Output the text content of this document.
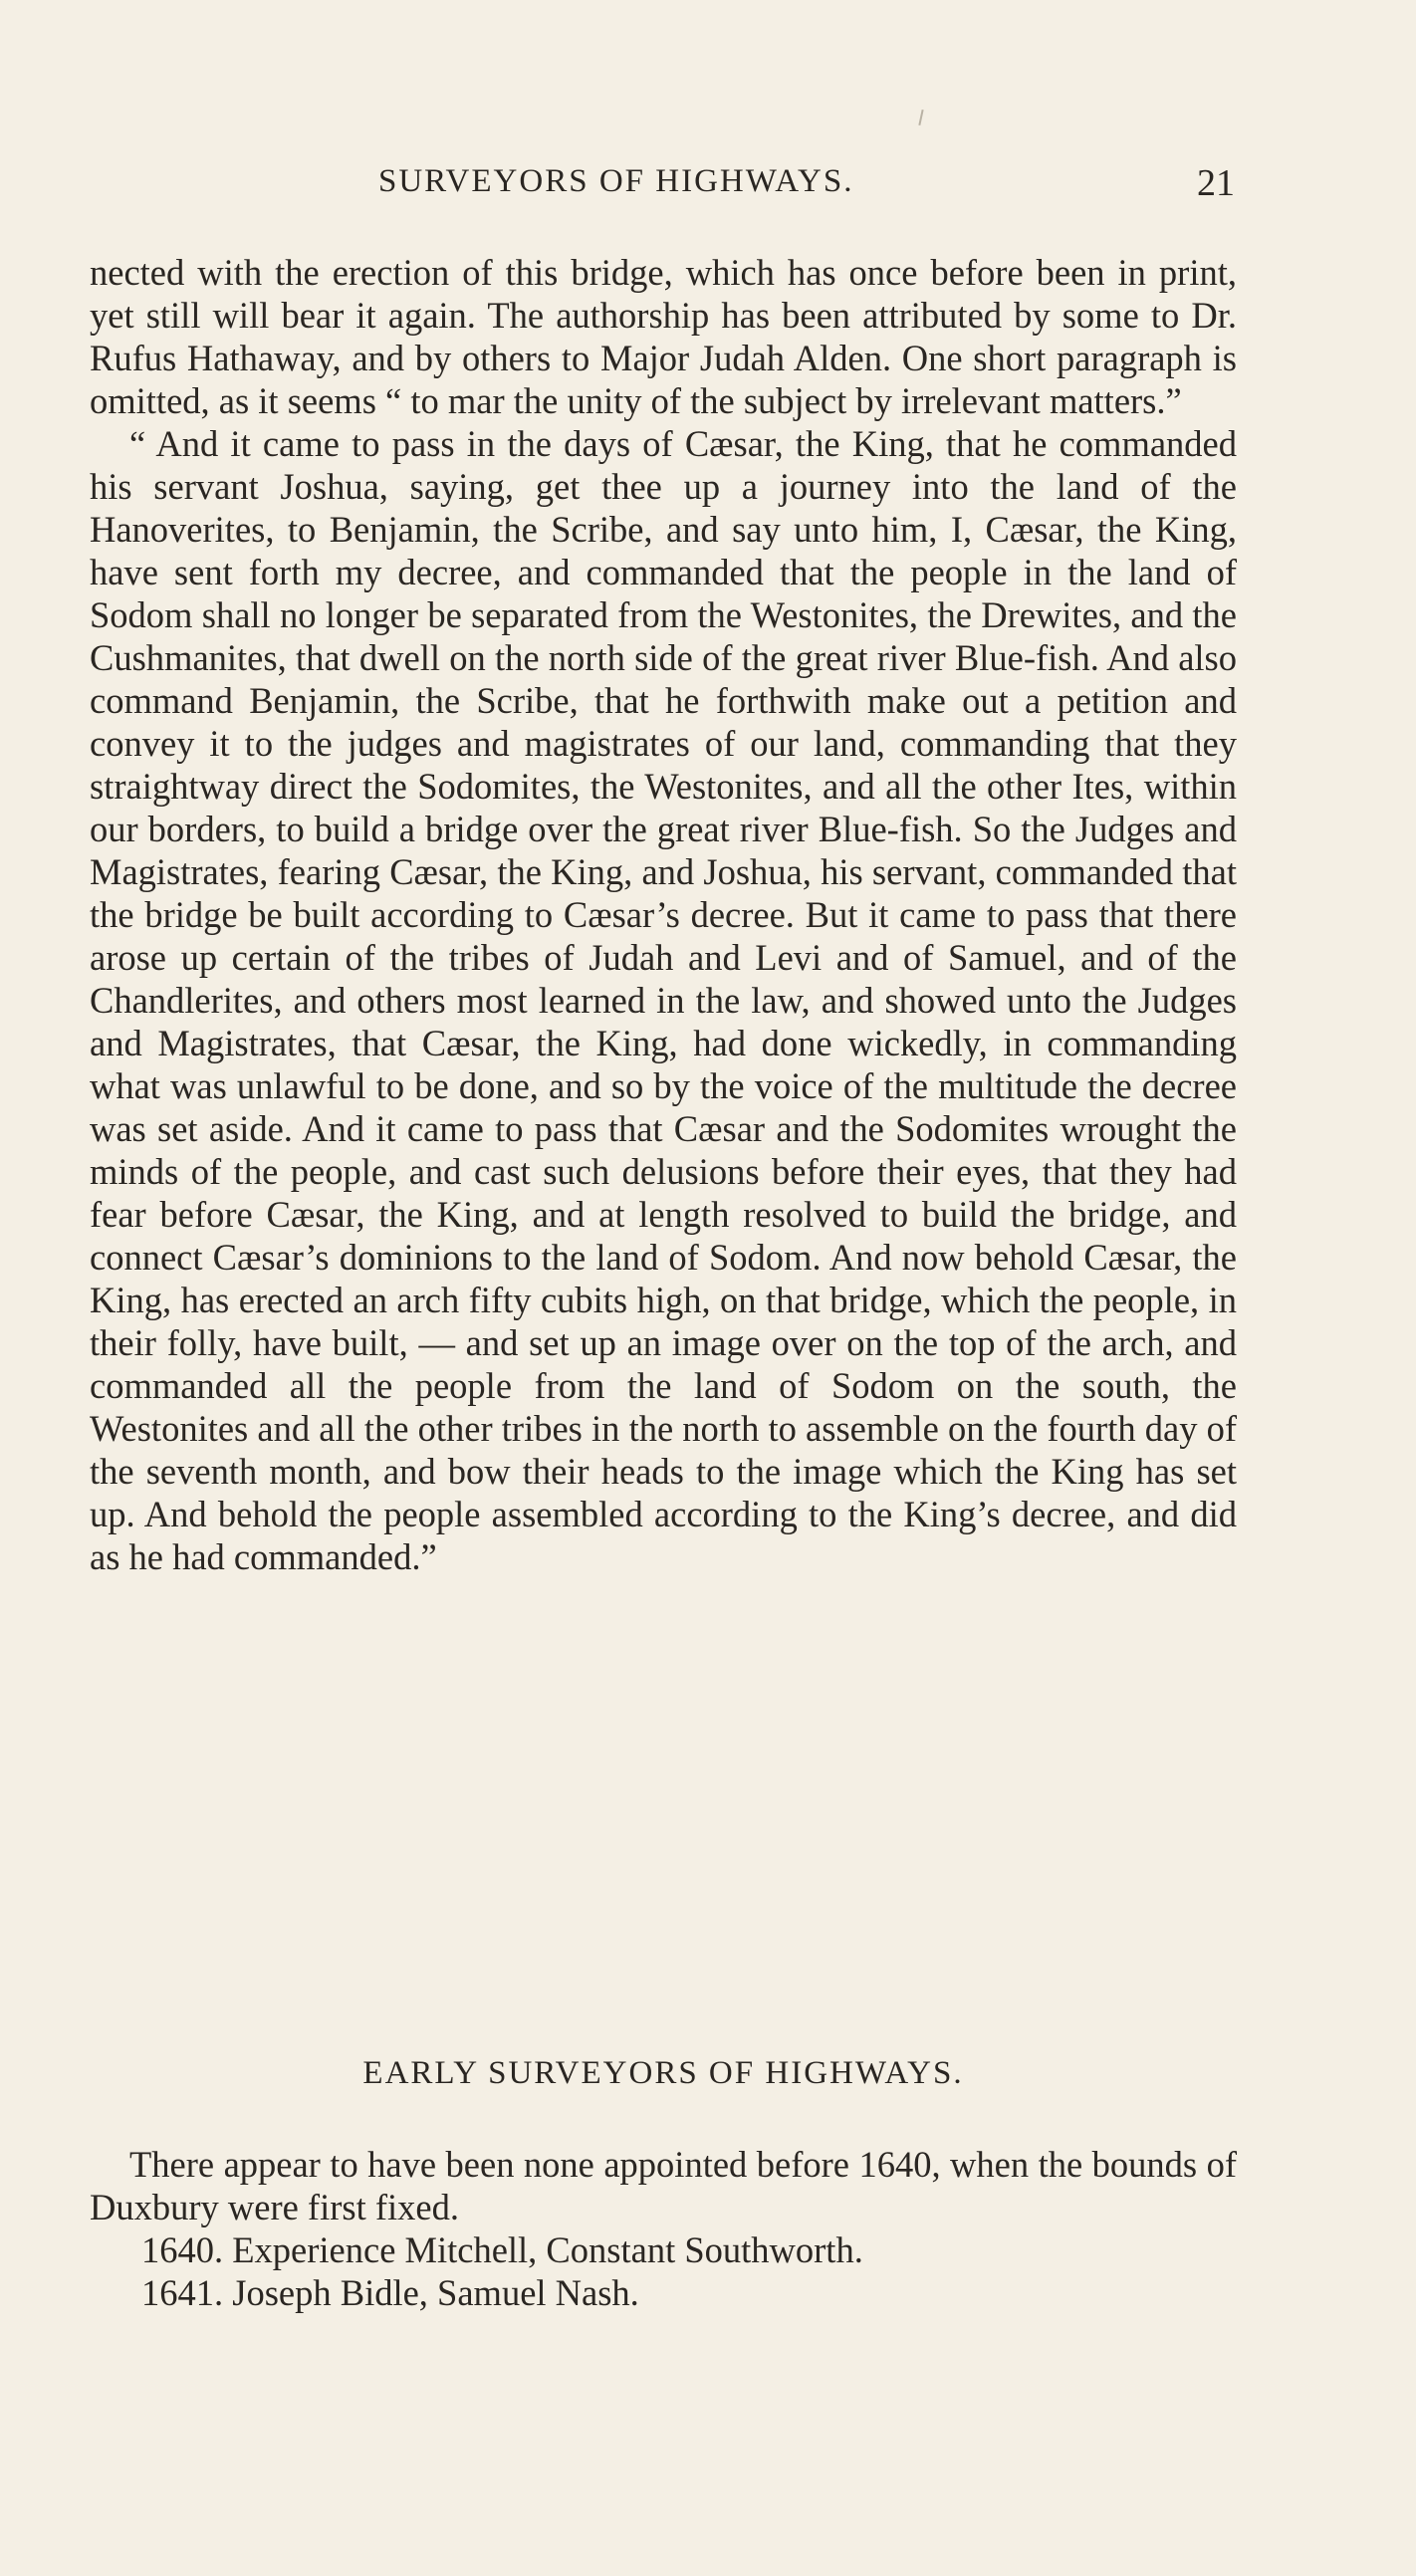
SURVEYORS OF HIGHWAYS.	21

nected with the erection of this bridge, which has once before been in print, yet still will bear it again. The authorship has been attributed by some to Dr. Rufus Hathaway, and by others to Major Judah Alden. One short paragraph is omitted, as it seems “ to mar the unity of the subject by irrelevant matters.”

“ And it came to pass in the days of Cæsar, the King, that he commanded his servant Joshua, saying, get thee up a journey into the land of the Hanoverites, to Benjamin, the Scribe, and say unto him, I, Cæsar, the King, have sent forth my decree, and commanded that the people in the land of Sodom shall no longer be separated from the Westonites, the Drewites, and the Cushmanites, that dwell on the north side of the great river Blue-fish. And also command Benjamin, the Scribe, that he forthwith make out a petition and convey it to the judges and magistrates of our land, commanding that they straightway direct the Sodomites, the Westonites, and all the other Ites, within our borders, to build a bridge over the great river Blue-fish. So the Judges and Magistrates, fearing Cæsar, the King, and Joshua, his servant, commanded that the bridge be built according to Cæsar’s decree. But it came to pass that there arose up certain of the tribes of Judah and Levi and of Samuel, and of the Chandlerites, and others most learned in the law, and showed unto the Judges and Magistrates, that Cæsar, the King, had done wickedly, in commanding what was unlawful to be done, and so by the voice of the multitude the decree was set aside. And it came to pass that Cæsar and the Sodomites wrought the minds of the people, and cast such delusions before their eyes, that they had fear before Cæsar, the King, and at length resolved to build the bridge, and connect Cæsar’s dominions to the land of Sodom. And now behold Cæsar, the King, has erected an arch fifty cubits high, on that bridge, which the people, in their folly, have built, — and set up an image over on the top of the arch, and commanded all the people from the land of Sodom on the south, the Westonites and all the other tribes in the north to assemble on the fourth day of the seventh month, and bow their heads to the image which the King has set up. And behold the people assembled according to the King’s decree, and did as he had commanded.”

EARLY SURVEYORS OF HIGHWAYS.

There appear to have been none appointed before 1640, when the bounds of Duxbury were first fixed.

1640. Experience Mitchell, Constant Southworth.

1641. Joseph Bidle, Samuel Nash.
